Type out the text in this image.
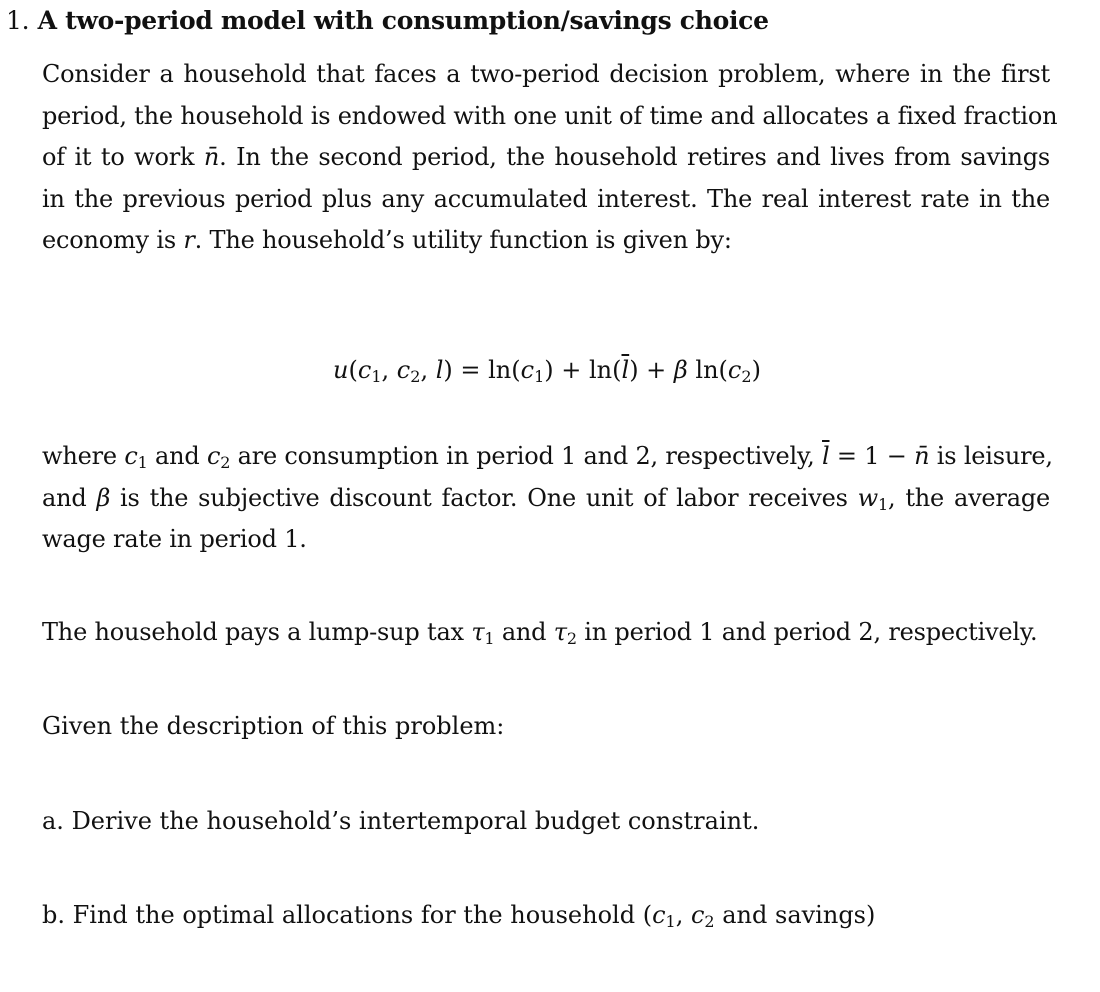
1. A two-period model with consumption/savings choice
Consider a household that faces a two-period decision problem, where in the first
period, the household is endowed with one unit of time and allocates a fixed fraction
of it to work n̄. In the second period, the household retires and lives from savings
in the previous period plus any accumulated interest. The real interest rate in the
economy is r. The household’s utility function is given by:
$u(c_1$, $c_2$, $l) = \ln(c_1) + \ln(\overline{l}) + \beta$ $\ln(c_2)$
where $c_1$ and $c_2$ are consumption in period 1 and 2, respectively, $\overline{l} = 1$ − n̄ is leisure,
and β is the subjective discount factor. One unit of labor receives $w_1$, the average
wage rate in period 1.
The household pays a lump-sup tax $\tau_1$ and $\tau_2$ in period 1 and period 2, respectively.
Given the description of this problem:
a. Derive the household’s intertemporal budget constraint.
b. Find the optimal allocations for the household ($c_1$, $c_2$ and savings)
